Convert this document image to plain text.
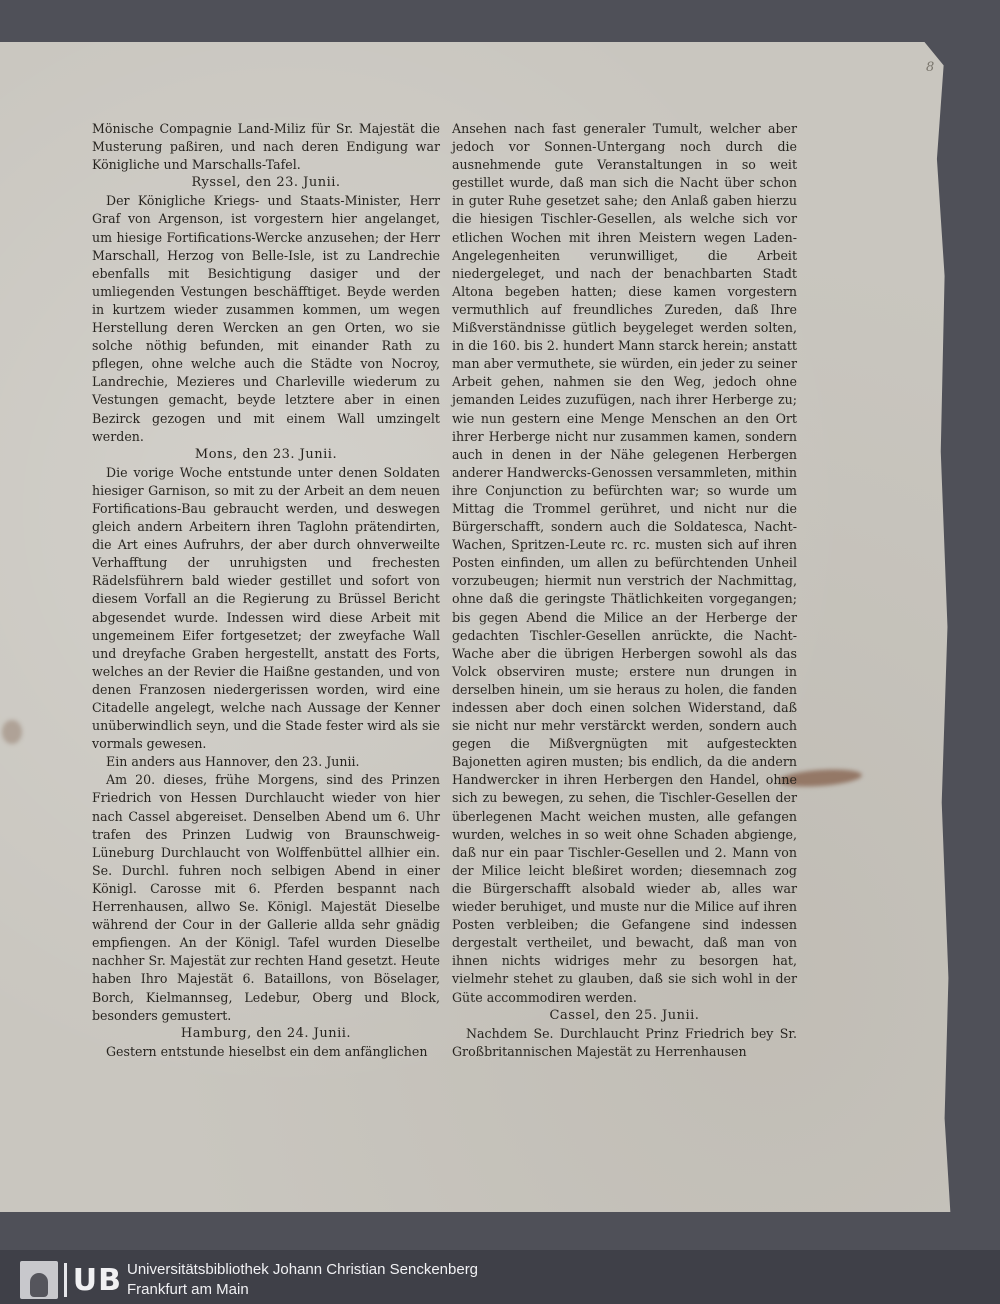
8

Mönische Compagnie Land-Miliz für Sr. Majestät die Musterung paßiren, und nach deren Endigung war Königliche und Marschalls-Tafel.

Ryssel, den 23. Junii.

Der Königliche Kriegs- und Staats-Minister, Herr Graf von Argenson, ist vorgestern hier angelanget, um hiesige Fortifications-Wercke anzusehen; der Herr Marschall, Herzog von Belle-Isle, ist zu Landrechie ebenfalls mit Besichtigung dasiger und der umliegenden Vestungen beschäfftiget. Beyde werden in kurtzem wieder zusammen kommen, um wegen Herstellung deren Wercken an gen Orten, wo sie solche nöthig befunden, mit einander Rath zu pflegen, ohne welche auch die Städte von Nocroy, Landrechie, Mezieres und Charleville wiederum zu Vestungen gemacht, beyde letztere aber in einen Bezirck gezogen und mit einem Wall umzingelt werden.

Mons, den 23. Junii.

Die vorige Woche entstunde unter denen Soldaten hiesiger Garnison, so mit zu der Arbeit an dem neuen Fortifications-Bau gebraucht werden, und deswegen gleich andern Arbeitern ihren Taglohn prätendirten, die Art eines Aufruhrs, der aber durch ohnverweilte Verhafftung der unruhigsten und frechesten Rädelsführern bald wieder gestillet und sofort von diesem Vorfall an die Regierung zu Brüssel Bericht abgesendet wurde. Indessen wird diese Arbeit mit ungemeinem Eifer fortgesetzet; der zweyfache Wall und dreyfache Graben hergestellt, anstatt des Forts, welches an der Revier die Haißne gestanden, und von denen Franzosen niedergerissen worden, wird eine Citadelle angelegt, welche nach Aussage der Kenner unüberwindlich seyn, und die Stade fester wird als sie vormals gewesen.

Ein anders aus Hannover, den 23. Junii.

Am 20. dieses, frühe Morgens, sind des Prinzen Friedrich von Hessen Durchlaucht wieder von hier nach Cassel abgereiset. Denselben Abend um 6. Uhr trafen des Prinzen Ludwig von Braunschweig-Lüneburg Durchlaucht von Wolffenbüttel allhier ein. Se. Durchl. fuhren noch selbigen Abend in einer Königl. Carosse mit 6. Pferden bespannt nach Herrenhausen, allwo Se. Königl. Majestät Dieselbe während der Cour in der Gallerie allda sehr gnädig empfiengen. An der Königl. Tafel wurden Dieselbe nachher Sr. Majestät zur rechten Hand gesetzt. Heute haben Ihro Majestät 6. Bataillons, von Böselager, Borch, Kielmannseg, Ledebur, Oberg und Block, besonders gemustert.

Hamburg, den 24. Junii.

Gestern entstunde hieselbst ein dem anfänglichen

Ansehen nach fast generaler Tumult, welcher aber jedoch vor Sonnen-Untergang noch durch die ausnehmende gute Veranstaltungen in so weit gestillet wurde, daß man sich die Nacht über schon in guter Ruhe gesetzet sahe; den Anlaß gaben hierzu die hiesigen Tischler-Gesellen, als welche sich vor etlichen Wochen mit ihren Meistern wegen Laden-Angelegenheiten verunwilliget, die Arbeit niedergeleget, und nach der benachbarten Stadt Altona begeben hatten; diese kamen vorgestern vermuthlich auf freundliches Zureden, daß Ihre Mißverständnisse gütlich beygeleget werden solten, in die 160. bis 2. hundert Mann starck herein; anstatt man aber vermuthete, sie würden, ein jeder zu seiner Arbeit gehen, nahmen sie den Weg, jedoch ohne jemanden Leides zuzufügen, nach ihrer Herberge zu; wie nun gestern eine Menge Menschen an den Ort ihrer Herberge nicht nur zusammen kamen, sondern auch in denen in der Nähe gelegenen Herbergen anderer Handwercks-Genossen versammleten, mithin ihre Conjunction zu befürchten war; so wurde um Mittag die Trommel gerühret, und nicht nur die Bürgerschafft, sondern auch die Soldatesca, Nacht-Wachen, Spritzen-Leute rc. rc. musten sich auf ihren Posten einfinden, um allen zu befürchtenden Unheil vorzubeugen; hiermit nun verstrich der Nachmittag, ohne daß die geringste Thätlichkeiten vorgegangen; bis gegen Abend die Milice an der Herberge der gedachten Tischler-Gesellen anrückte, die Nacht-Wache aber die übrigen Herbergen sowohl als das Volck observiren muste; erstere nun drungen in derselben hinein, um sie heraus zu holen, die fanden indessen aber doch einen solchen Widerstand, daß sie nicht nur mehr verstärckt werden, sondern auch gegen die Mißvergnügten mit aufgesteckten Bajonetten agiren musten; bis endlich, da die andern Handwercker in ihren Herbergen den Handel, ohne sich zu bewegen, zu sehen, die Tischler-Gesellen der überlegenen Macht weichen musten, alle gefangen wurden, welches in so weit ohne Schaden abgienge, daß nur ein paar Tischler-Gesellen und 2. Mann von der Milice leicht bleßiret worden; diesemnach zog die Bürgerschafft alsobald wieder ab, alles war wieder beruhiget, und muste nur die Milice auf ihren Posten verbleiben; die Gefangene sind indessen dergestalt vertheilet, und bewacht, daß man von ihnen nichts widriges mehr zu besorgen hat, vielmehr stehet zu glauben, daß sie sich wohl in der Güte accommodiren werden.

Cassel, den 25. Junii.

Nachdem Se. Durchlaucht Prinz Friedrich bey Sr. Großbritannischen Majestät zu Herrenhausen

UB Universitätsbibliothek Johann Christian Senckenberg
Frankfurt am Main
